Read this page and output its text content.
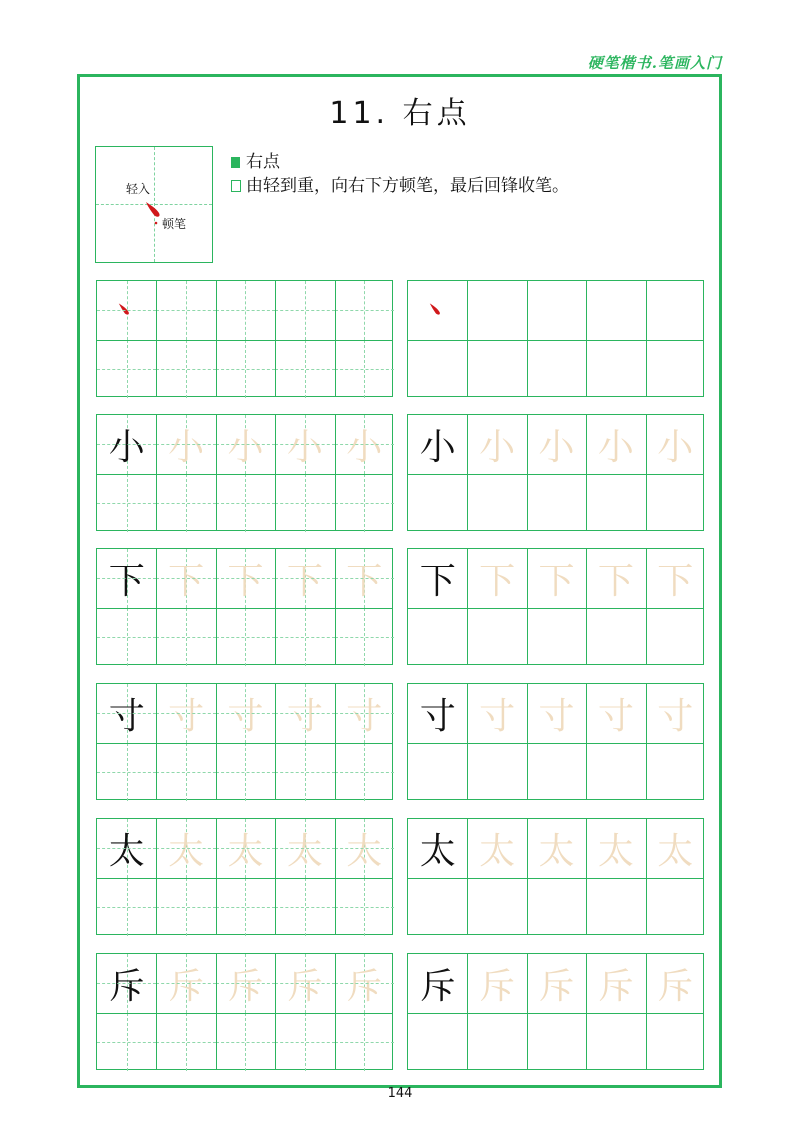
硬笔楷书.笔画入门
11. 右点
轻入
顿笔
右点
由轻到重，向右下方顿笔，最后回锋收笔。
小 小 小 小 小	小 小 小 小 小
下 下 下 下 下	下 下 下 下 下
寸 寸 寸 寸 寸	寸 寸 寸 寸 寸
太 太 太 太 太	太 太 太 太 太
斥 斥 斥 斥 斥	斥 斥 斥 斥 斥
144
